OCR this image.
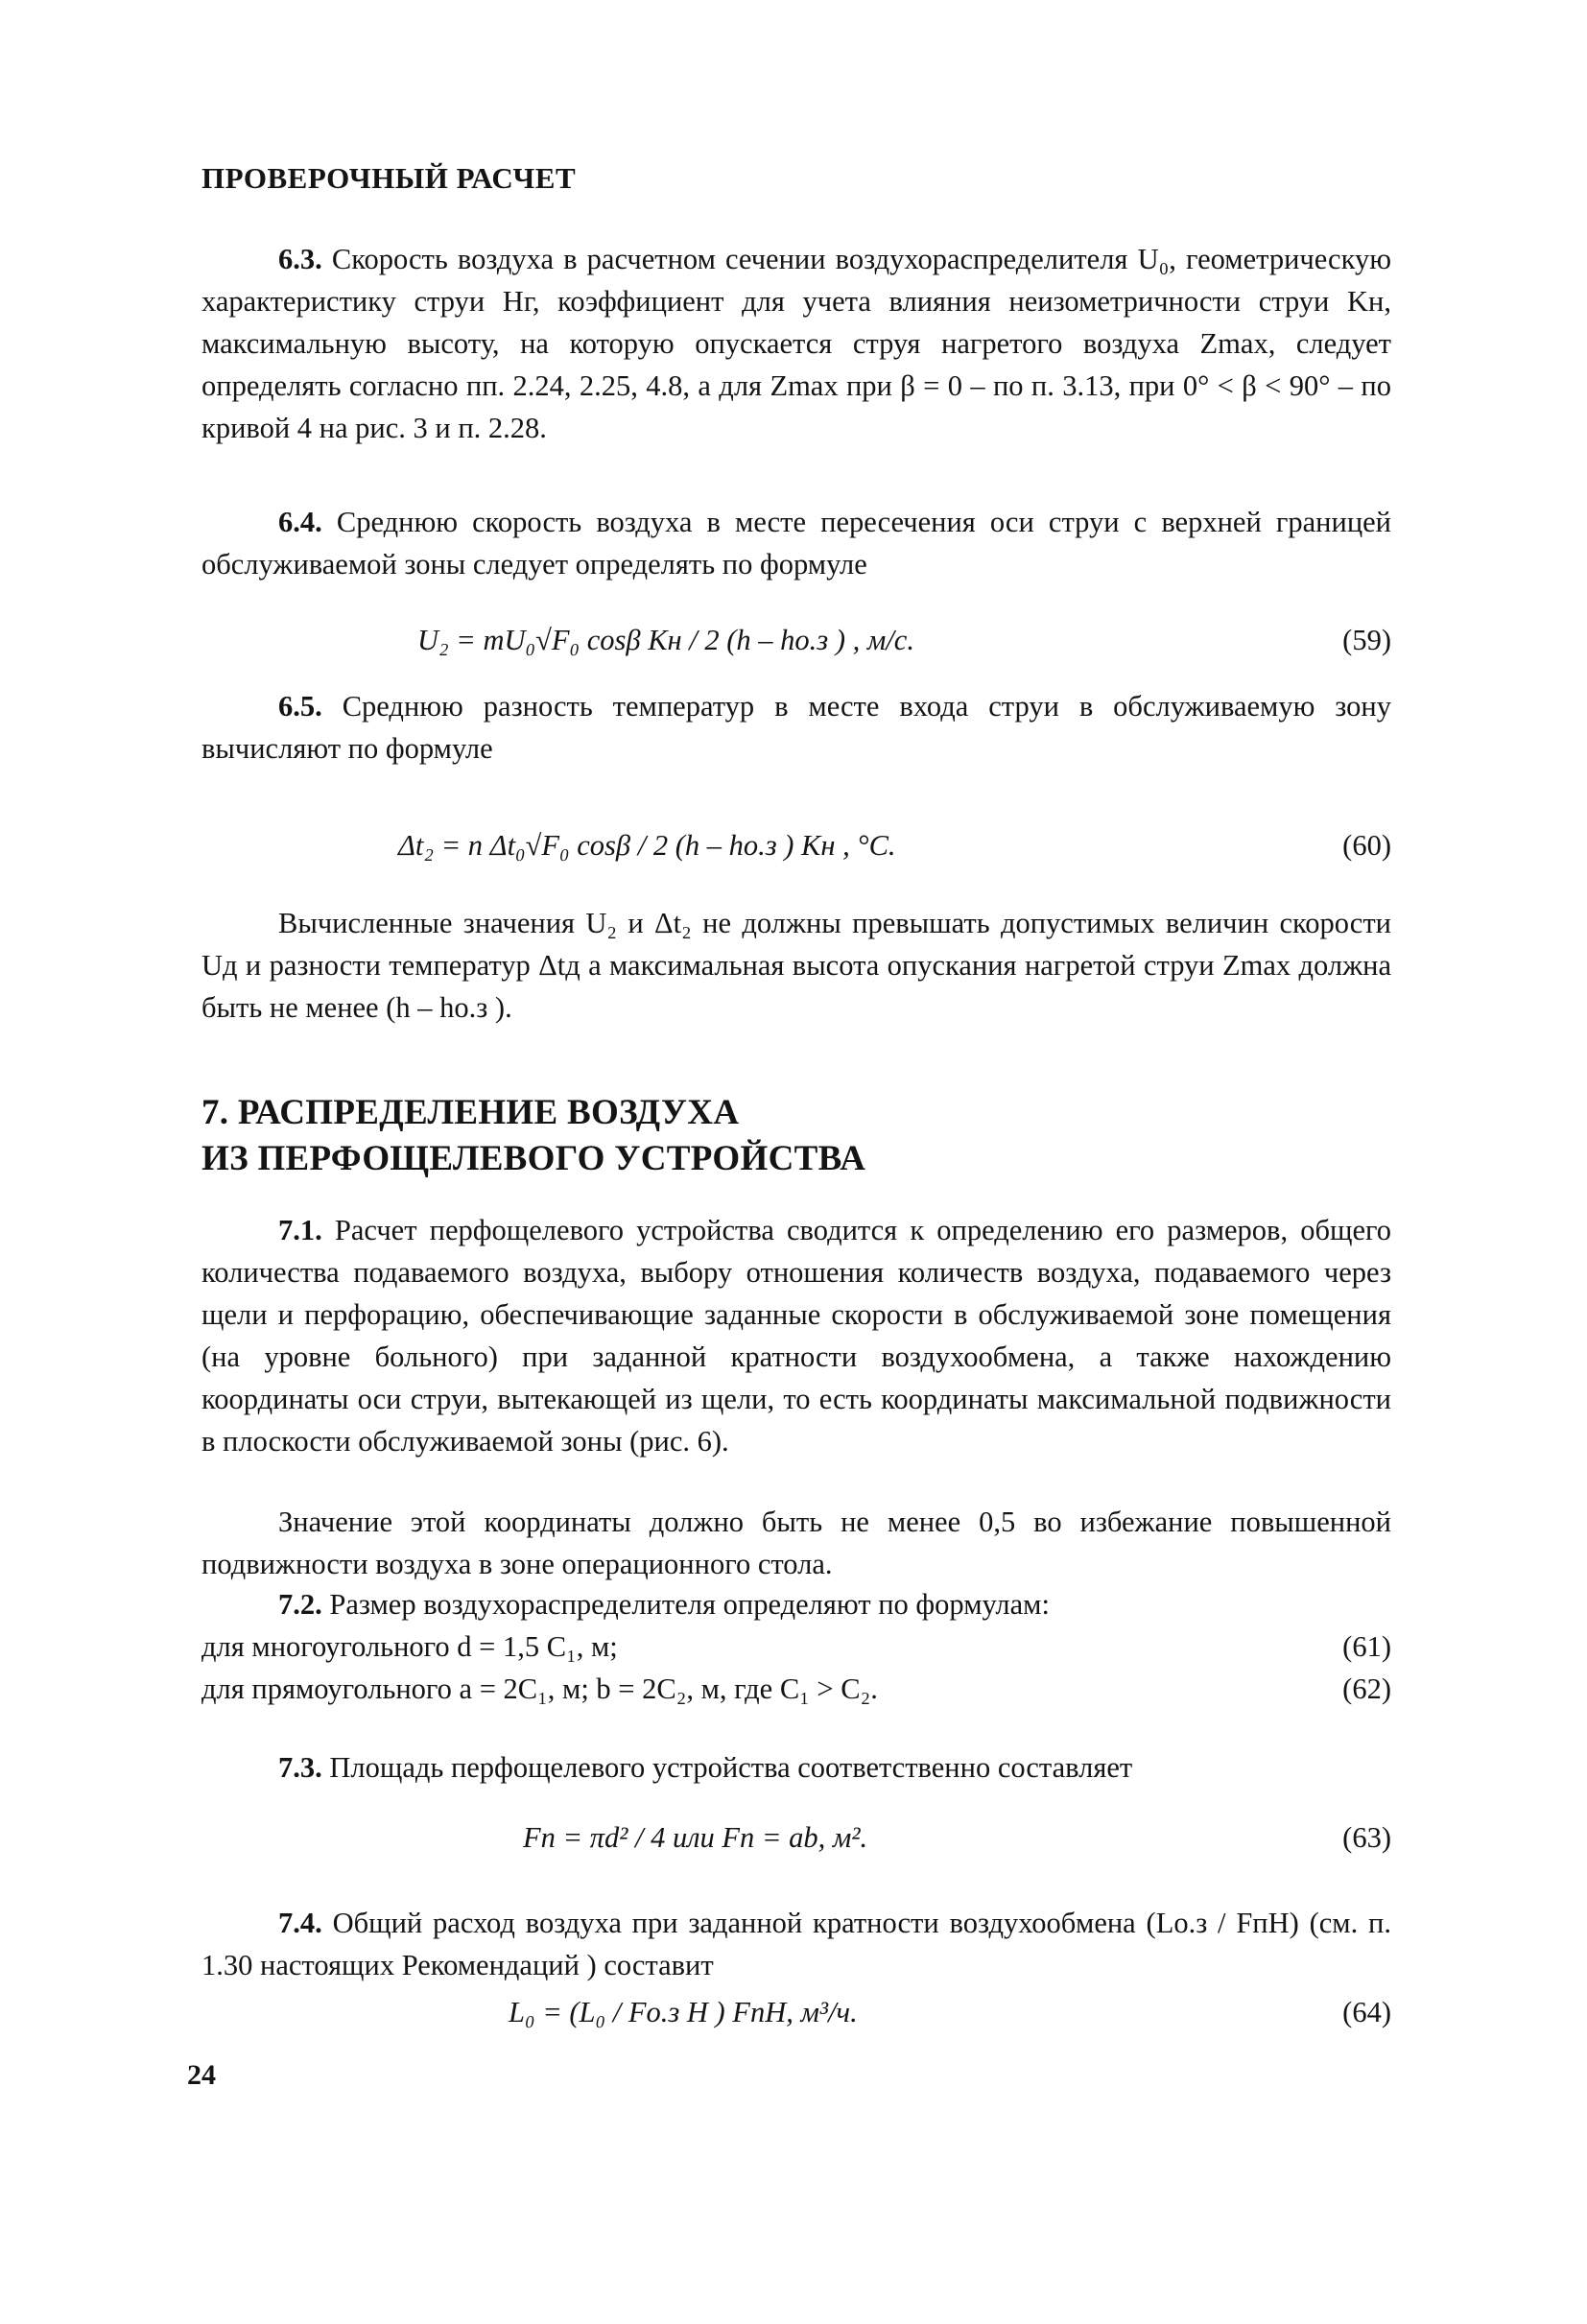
ПРОВЕРОЧНЫЙ РАСЧЕТ
6.3. Скорость воздуха в расчетном сечении воздухораспределителя U₀, геометрическую характеристику струи Hг, коэффициент для учета влияния неизометричности струи Kн, максимальную высоту, на которую опускается струя нагретого воздуха Zmax, следует определять согласно пп. 2.24, 2.25, 4.8, а для Zmax при β = 0 – по п. 3.13, при 0° < β < 90° – по кривой 4 на рис. 3 и п. 2.28.
6.4. Среднюю скорость воздуха в месте пересечения оси струи с верхней границей обслуживаемой зоны следует определять по формуле
U₂ = mU₀√F₀ cosβ Kн / 2 (h – hо.з ) , м/с.	(59)
6.5. Среднюю разность температур в месте входа струи в обслуживаемую зону вычисляют по формуле
Δt₂ = n Δt₀√F₀ cosβ / 2 (h – hо.з ) Kн , °С.	(60)
Вычисленные значения U₂ и Δt₂ не должны превышать допустимых величин скорости Uд и разности температур Δtд а максимальная высота опускания нагретой струи Zmax должна быть не менее (h – hо.з ).
7. РАСПРЕДЕЛЕНИЕ ВОЗДУХА
ИЗ ПЕРФОЩЕЛЕВОГО УСТРОЙСТВА
7.1. Расчет перфощелевого устройства сводится к определению его размеров, общего количества подаваемого воздуха, выбору отношения количеств воздуха, подаваемого через щели и перфорацию, обеспечивающие заданные скорости в обслуживаемой зоне помещения (на уровне больного) при заданной кратности воздухообмена, а также нахождению координаты оси струи, вытекающей из щели, то есть координаты максимальной подвижности в плоскости обслуживаемой зоны (рис. 6).
Значение этой координаты должно быть не менее 0,5 во избежание повышенной подвижности воздуха в зоне операционного стола.
7.2. Размер воздухораспределителя определяют по формулам:
для многоугольного d = 1,5 C₁, м;	(61)
для прямоугольного a = 2C₁, м; b = 2C₂, м, где C₁ > C₂.	(62)
7.3. Площадь перфощелевого устройства соответственно составляет
Fп = πd² / 4 или Fп = ab, м².	(63)
7.4. Общий расход воздуха при заданной кратности воздухообмена (Lо.з / FпH) (см. п. 1.30 настоящих Рекомендаций ) составит
L₀ = (L₀ / Fо.з H ) FпH, м³/ч.	(64)
24
